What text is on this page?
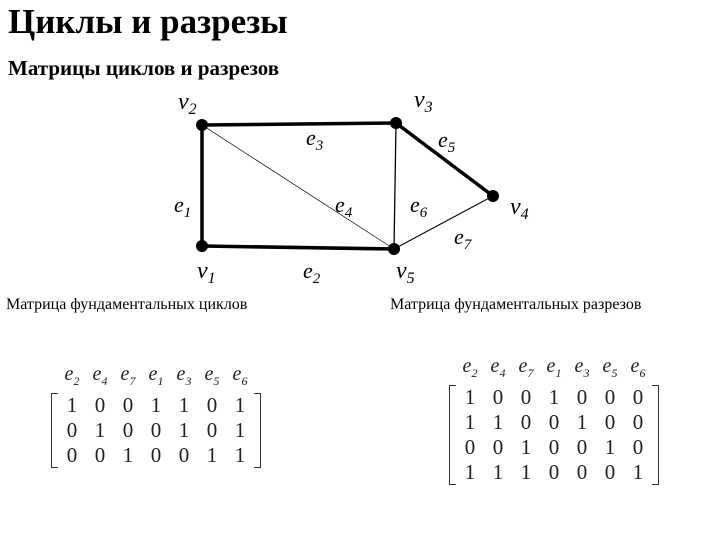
Циклы и разрезы
Матрицы циклов и разрезов
$v_2$	$v_3$
$v_4$
$v_1$	$v_5$
$e_3$	$e_5$
$e_1$	$e_4$	$e_6$
$e_7$
$e_2$
Матрица фундаментальных циклов	Матрица фундаментальных разрезов
$e_2$ $e_4$ $e_7$ $e_1$ $e_3$ $e_5$ $e_6$
1 0 0 1 1 0 1
0 1 0 0 1 0 1
0 0 1 0 0 1 1
$e_2$ $e_4$ $e_7$ $e_1$ $e_3$ $e_5$ $e_6$
1 0 0 1 0 0 0
1 1 0 0 1 0 0
0 0 1 0 0 1 0
1 1 1 0 0 0 1
